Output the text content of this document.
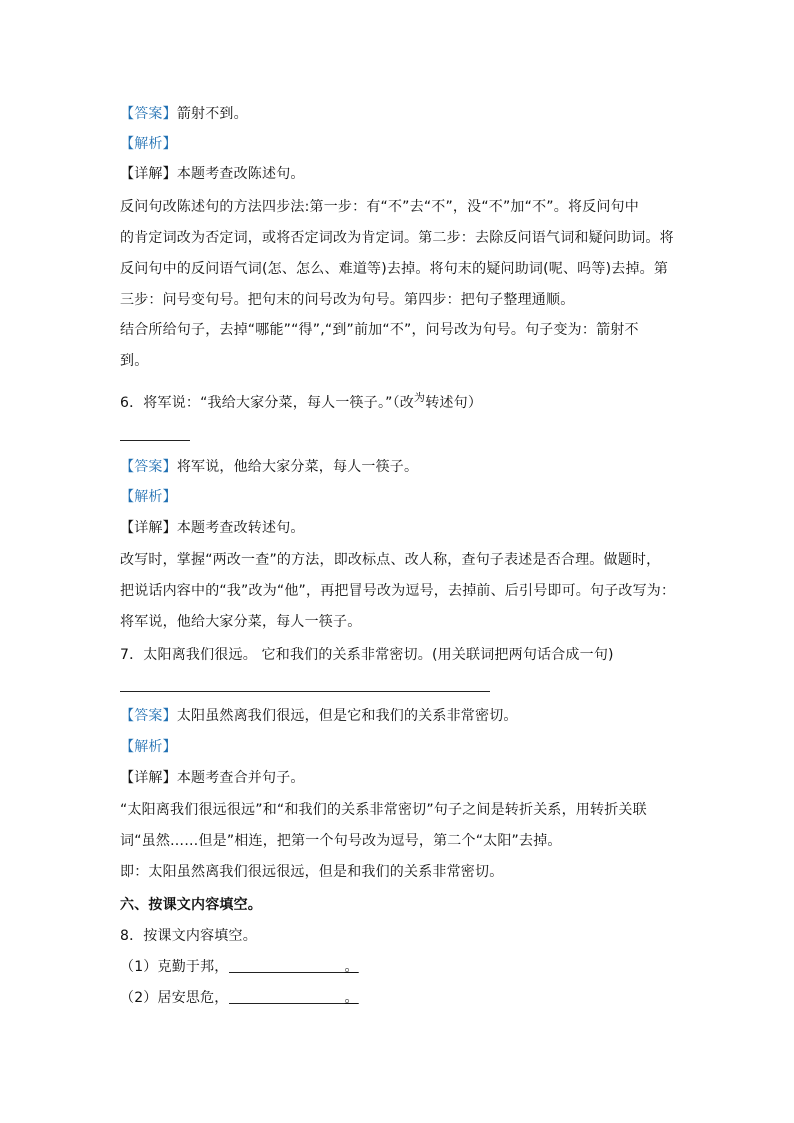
【答案】箭射不到。
【解析】
【详解】本题考查改陈述句。
反问句改陈述句的方法四步法:第一步：有“不”去“不”，没“不”加“不”。将反问句中
的肯定词改为否定词，或将否定词改为肯定词。第二步：去除反问语气词和疑问助词。将
反问句中的反问语气词(怎、怎么、难道等)去掉。将句末的疑问助词(呢、吗等)去掉。第
三步：问号变句号。把句末的问号改为句号。第四步：把句子整理通顺。
结合所给句子，去掉“哪能”“得”,“到”前加“不”，问号改为句号。句子变为：箭射不
到。
6．将军说：“我给大家分菜，每人一筷子。”（改$^为$转述句）
【答案】将军说，他给大家分菜，每人一筷子。
【解析】
【详解】本题考查改转述句。
改写时，掌握“两改一查”的方法，即改标点、改人称，查句子表述是否合理。做题时，
把说话内容中的“我”改为“他”，再把冒号改为逗号，去掉前、后引号即可。句子改写为：
将军说，他给大家分菜，每人一筷子。
7．太阳离我们很远。 它和我们的关系非常密切。(用关联词把两句话合成一句)
【答案】太阳虽然离我们很远，但是它和我们的关系非常密切。
【解析】
【详解】本题考查合并句子。
“太阳离我们很远很远”和“和我们的关系非常密切”句子之间是转折关系，用转折关联
词“虽然……但是”相连，把第一个句号改为逗号，第二个“太阳”去掉。
即：太阳虽然离我们很远很远，但是和我们的关系非常密切。
六、按课文内容填空。
8．按课文内容填空。
（1）克勤于邦，	。
（2）居安思危，	。
